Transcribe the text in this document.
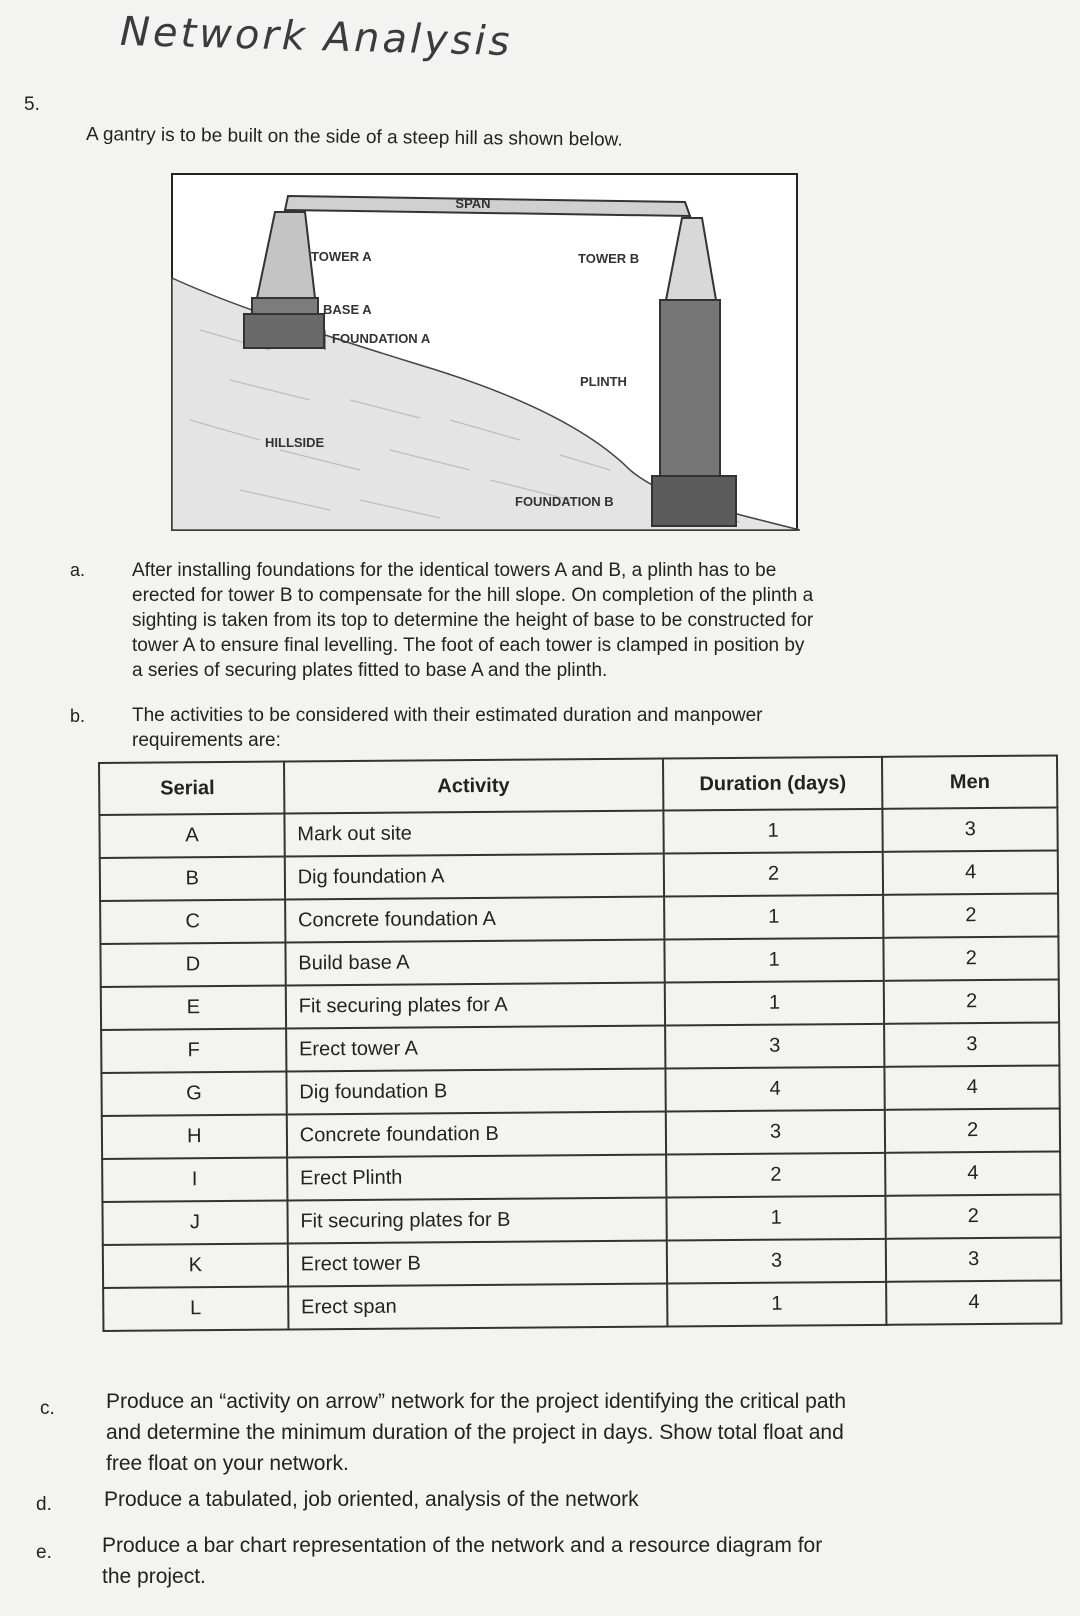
Network Analysis
5.
A gantry is to be built on the side of a steep hill as shown below.
SPAN
TOWER A	TOWER B
BASE A
FOUNDATION A
PLINTH
HILLSIDE
FOUNDATION B
a. After installing foundations for the identical towers A and B, a plinth has to be
erected for tower B to compensate for the hill slope. On completion of the plinth a
sighting is taken from its top to determine the height of base to be constructed for
tower A to ensure final levelling. The foot of each tower is clamped in position by
a series of securing plates fitted to base A and the plinth.
b. The activities to be considered with their estimated duration and manpower
requirements are:
Serial	Activity	Duration (days)	Men
A	Mark out site	1	3
B	Dig foundation A	2	4
C	Concrete foundation A	1	2
D	Build base A	1	2
E	Fit securing plates for A	1	2
F	Erect tower A	3	3
G	Dig foundation B	4	4
H	Concrete foundation B	3	2
I	Erect Plinth	2	4
J	Fit securing plates for B	1	2
K	Erect tower B	3	3
L	Erect span	1	4
c. Produce an “activity on arrow” network for the project identifying the critical path
and determine the minimum duration of the project in days. Show total float and
free float on your network.
d. Produce a tabulated, job oriented, analysis of the network
e. Produce a bar chart representation of the network and a resource diagram for
the project.
